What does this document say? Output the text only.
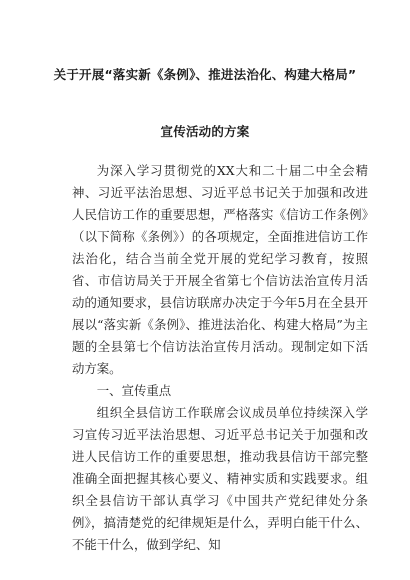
关于开展“落实新《条例》、推进法治化、构建大格局”
宣传活动的方案

为深入学习贯彻党的XX大和二十届二中全会精神、习近平法治思想、习近平总书记关于加强和改进人民信访工作的重要思想，严格落实《信访工作条例》（以下简称《条例》）的各项规定，全面推进信访工作法治化，结合当前全党开展的党纪学习教育，按照省、市信访局关于开展全省第七个信访法治宣传月活动的通知要求，县信访联席办决定于今年5月在全县开展以“落实新《条例》、推进法治化、构建大格局”为主题的全县第七个信访法治宣传月活动。现制定如下活动方案。

一、宣传重点

组织全县信访工作联席会议成员单位持续深入学习宣传习近平法治思想、习近平总书记关于加强和改进人民信访工作的重要思想，推动我县信访干部完整准确全面把握其核心要义、精神实质和实践要求。组织全县信访干部认真学习《中国共产党纪律处分条例》，搞清楚党的纪律规矩是什么，弄明白能干什么、不能干什么，做到学纪、知
